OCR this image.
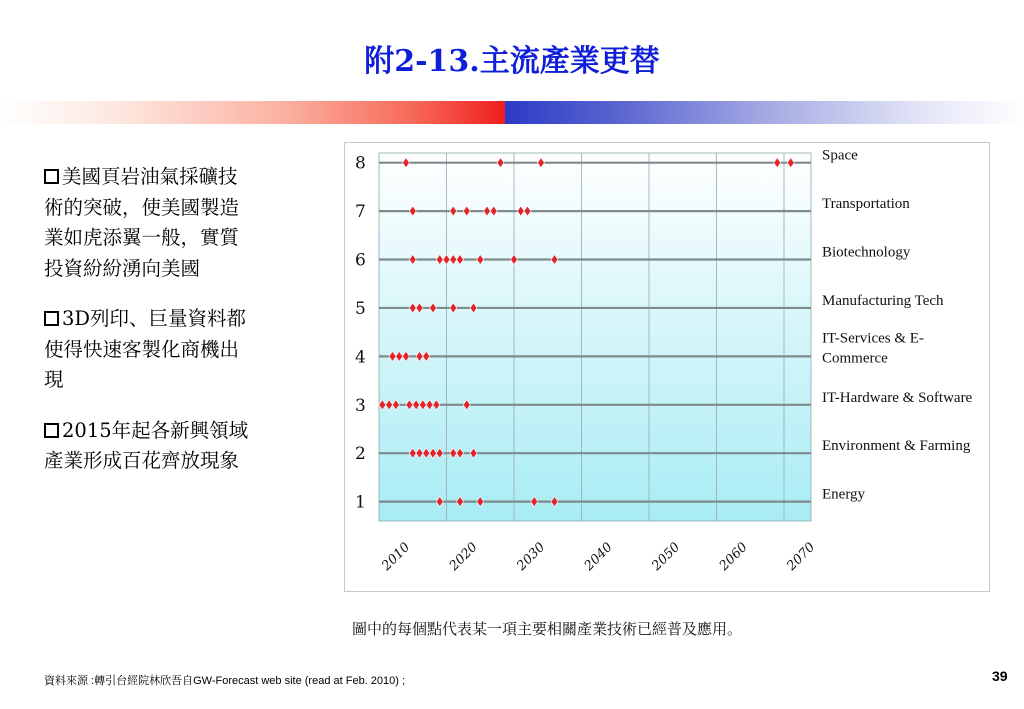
附2-13.主流產業更替
美國頁岩油氣採礦技
術的突破，使美國製造
業如虎添翼一般，實質
投資紛紛湧向美國
3D列印、巨量資料都
使得快速客製化商機出
現
2015年起各新興領域
產業形成百花齊放現象
1
2
3
4
5
6
7
8
Energy
Environment & Farming
IT-Hardware & Software
IT-Services & E-
Commerce
Manufacturing Tech
Biotechnology
Transportation
Space
2010	2020	2030	2040	2050	2060	2070
圖中的每個點代表某一項主要相關產業技術已經普及應用。
資料來源 :轉引台經院林欣吾自GW-Forecast web site (read at Feb. 2010) ;	39
